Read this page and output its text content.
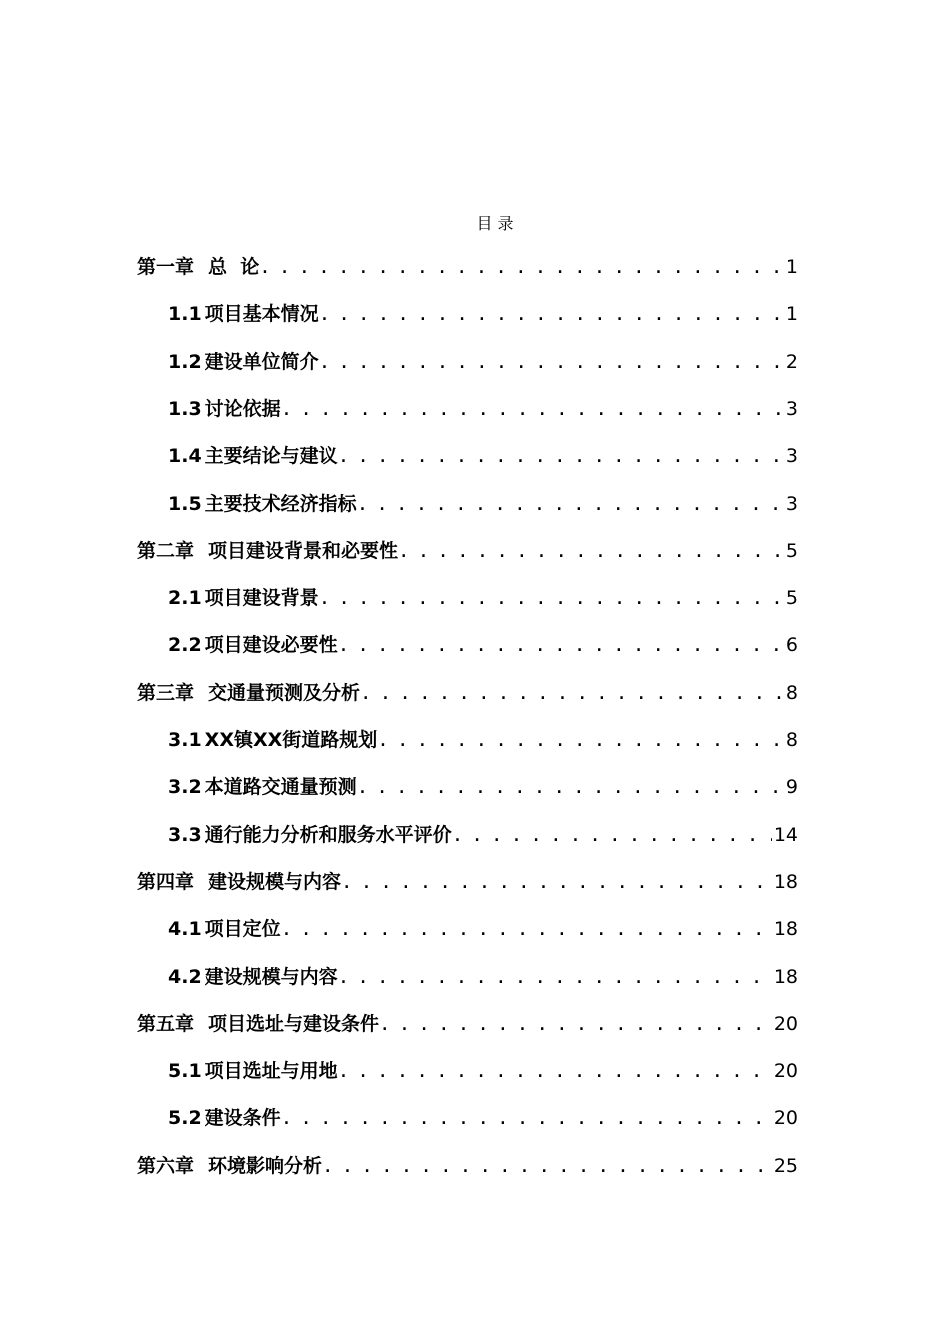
目 录
第一章 总  论 . . .	1
1.1 项目基本情况 . . .	1
1.2 建设单位简介 . . .	2
1.3 讨论依据 . . .	3
1.4 主要结论与建议 . . .	3
1.5 主要技术经济指标 . . .	3
第二章 项目建设背景和必要性 . . .	5
2.1 项目建设背景 . . .	5
2.2 项目建设必要性 . . .	6
第三章 交通量预测及分析 . . .	8
3.1 XX镇XX街道路规划 . . .	8
3.2 本道路交通量预测 . . .	9
3.3 通行能力分析和服务水平评价 . . .	14
第四章 建设规模与内容 . . .	18
4.1 项目定位 . . .	18
4.2 建设规模与内容 . . .	18
第五章 项目选址与建设条件 . . .	20
5.1 项目选址与用地 . . .	20
5.2 建设条件 . . .	20
第六章 环境影响分析 . . .	25
